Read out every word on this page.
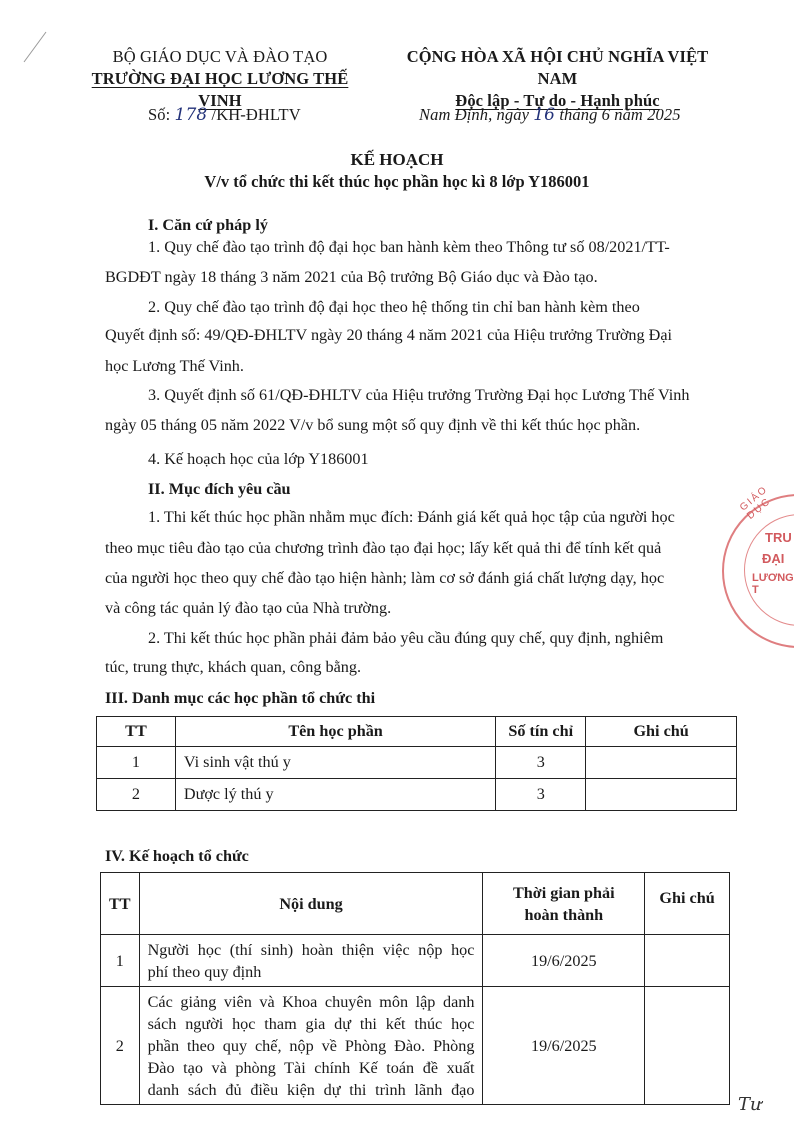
BỘ GIÁO DỤC VÀ ĐÀO TẠO
TRƯỜNG ĐẠI HỌC LƯƠNG THẾ VINH
CỘNG HÒA XÃ HỘI CHỦ NGHĨA VIỆT NAM
Độc lập - Tự do - Hạnh phúc
Số: 178 /KH-ĐHLTV	Nam Định, ngày 16 tháng 6 năm 2025
KẾ HOẠCH
V/v tổ chức thi kết thúc học phần học kì 8 lớp Y186001
I. Căn cứ pháp lý
1. Quy chế đào tạo trình độ đại học ban hành kèm theo Thông tư số 08/2021/TT-
BGDĐT ngày 18 tháng 3 năm 2021 của Bộ trưởng Bộ Giáo dục và Đào tạo.
2. Quy chế đào tạo trình độ đại học theo hệ thống tin chỉ ban hành kèm theo
Quyết định số: 49/QĐ-ĐHLTV ngày 20 tháng 4 năm 2021 của Hiệu trưởng Trường Đại
học Lương Thế Vinh.
3. Quyết định số 61/QĐ-ĐHLTV của Hiệu trưởng Trường Đại học Lương Thế Vinh
ngày 05 tháng 05 năm 2022 V/v bổ sung một số quy định về thi kết thúc học phần.
4. Kế hoạch học của lớp Y186001
II. Mục đích yêu cầu
1. Thi kết thúc học phần nhằm mục đích: Đánh giá kết quả học tập của người học
theo mục tiêu đào tạo của chương trình đào tạo đại học; lấy kết quả thi để tính kết quả
của người học theo quy chế đào tạo hiện hành; làm cơ sở đánh giá chất lượng dạy, học
và công tác quản lý đào tạo của Nhà trường.
2. Thi kết thúc học phần phải đảm bảo yêu cầu đúng quy chế, quy định, nghiêm
túc, trung thực, khách quan, công bằng.
III. Danh mục các học phần tổ chức thi
TT	Tên học phần	Số tín chỉ	Ghi chú
1	Vi sinh vật thú y	3	
2	Dược lý thú y	3	
IV. Kế hoạch tổ chức
TT	Nội dung	Thời gian phải hoàn thành	Ghi chú
1	Người học (thí sinh) hoàn thiện việc nộp học
phí theo quy định	19/6/2025	
2	Các giảng viên và Khoa chuyên môn lập danh
sách người học tham gia dự thi kết thúc học
phần theo quy chế, nộp về Phòng Đào. Phòng
Đào tạo và phòng Tài chính Kế toán đề xuất
danh sách đủ điều kiện dự thi trình lãnh đạo	19/6/2025	
GIÁO DỤC
TRU
ĐẠI
LƯƠNG T
Tư
